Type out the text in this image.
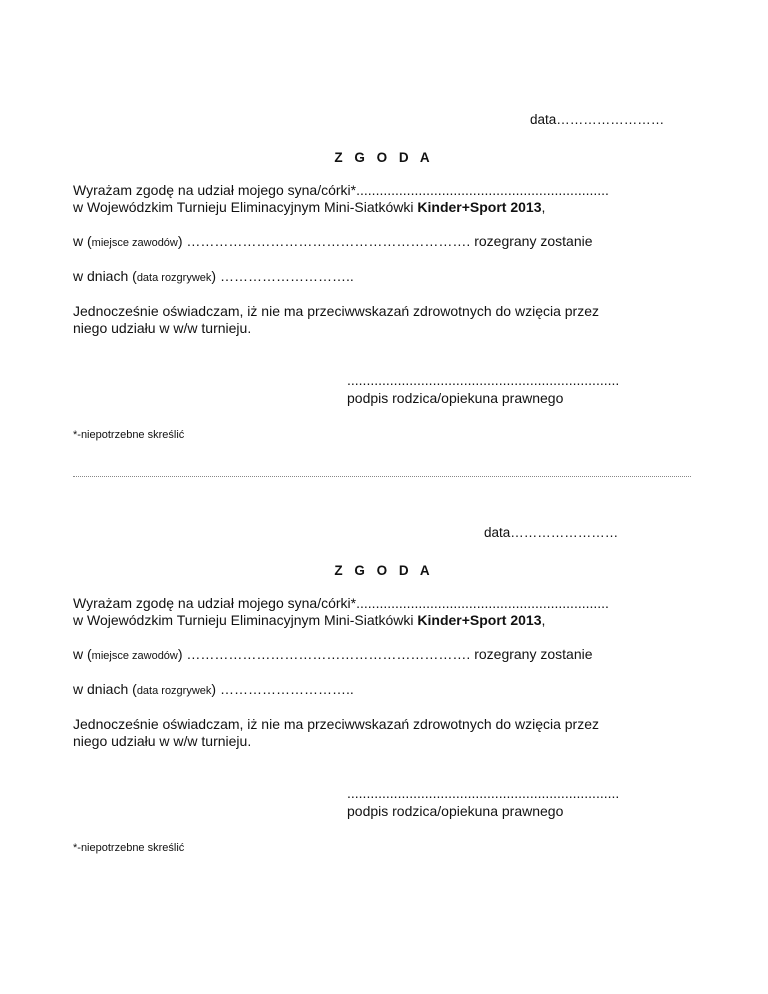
data……………………
Z G O D A
Wyrażam zgodę na udział mojego syna/córki*.................................................................
w Wojewódzkim Turnieju Eliminacyjnym Mini-Siatkówki Kinder+Sport 2013,
w (miejsce zawodów) ……………………………………………………. rozegrany zostanie
w dniach (data rozgrywek) ………………………..
Jednocześnie oświadczam, iż nie ma przeciwwskazań zdrowotnych do wzięcia przez
niego udziału w w/w turnieju.
......................................................................
podpis rodzica/opiekuna prawnego
*-niepotrzebne skreślić
data……………………
Z G O D A
Wyrażam zgodę na udział mojego syna/córki*.................................................................
w Wojewódzkim Turnieju Eliminacyjnym Mini-Siatkówki Kinder+Sport 2013,
w (miejsce zawodów) ……………………………………………………. rozegrany zostanie
w dniach (data rozgrywek) ………………………..
Jednocześnie oświadczam, iż nie ma przeciwwskazań zdrowotnych do wzięcia przez
niego udziału w w/w turnieju.
......................................................................
podpis rodzica/opiekuna prawnego
*-niepotrzebne skreślić
